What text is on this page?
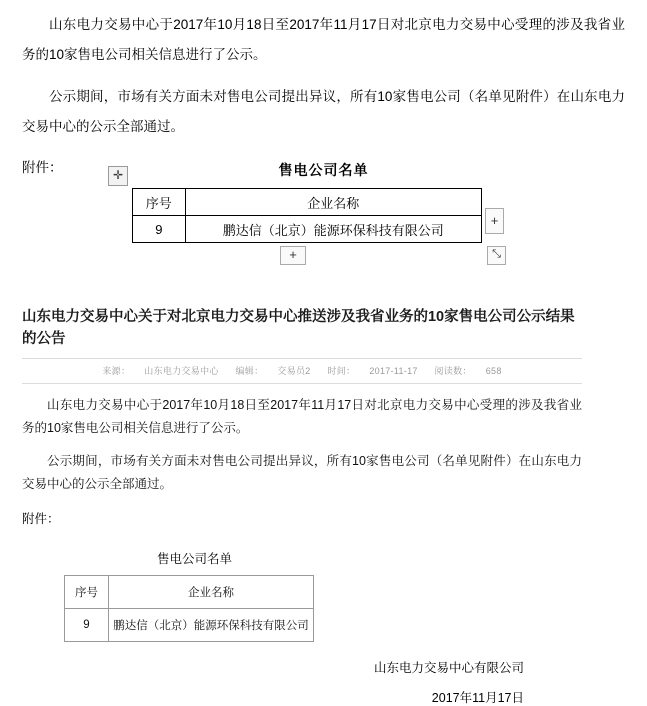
山东电力交易中心于2017年10月18日至2017年11月17日对北京电力交易中心受理的涉及我省业务的10家售电公司相关信息进行了公示。

公示期间，市场有关方面未对售电公司提出异议，所有10家售电公司（名单见附件）在山东电力交易中心的公示全部通过。

附件：	售电公司名单
✛
+
+	⤡
序号	企业名称
9	鹏达信（北京）能源环保科技有限公司
山东电力交易中心关于对北京电力交易中心推送涉及我省业务的10家售电公司公示结果的公告
来源： 山东电力交易中心 编辑： 交易员2 时间： 2017-11-17 阅读数： 658

山东电力交易中心于2017年10月18日至2017年11月17日对北京电力交易中心受理的涉及我省业务的10家售电公司相关信息进行了公示。

公示期间，市场有关方面未对售电公司提出异议，所有10家售电公司（名单见附件）在山东电力交易中心的公示全部通过。

附件：

售电公司名单
序号	企业名称
9	鹏达信（北京）能源环保科技有限公司
山东电力交易中心有限公司
2017年11月17日
